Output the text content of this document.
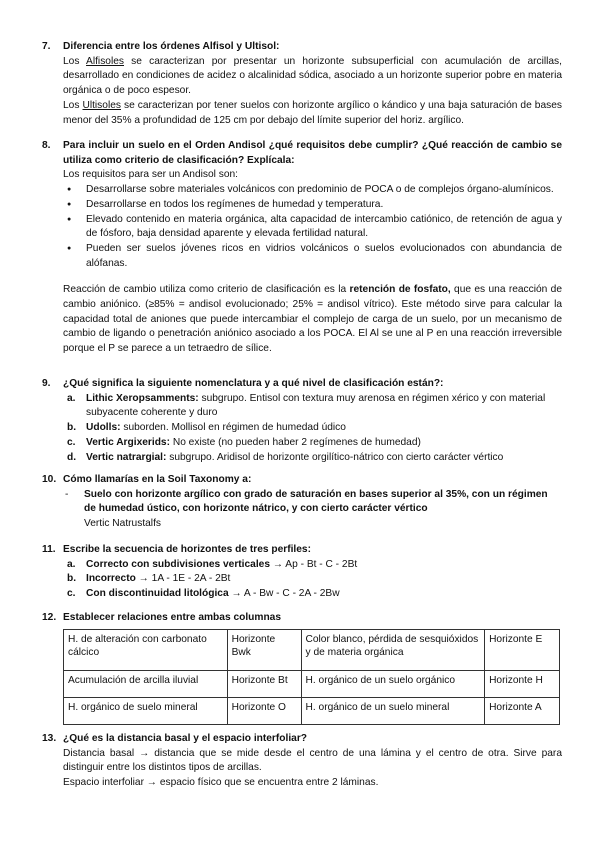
7.	Diferencia entre los órdenes Alfisol y Ultisol:
Los Alfisoles se caracterizan por presentar un horizonte subsuperficial con acumulación de arcillas, desarrollado en condiciones de acidez o alcalinidad sódica, asociado a un horizonte superior pobre en materia orgánica o de poco espesor.
Los Ultisoles se caracterizan por tener suelos con horizonte argílico o kándico y una baja saturación de bases menor del 35% a profundidad de 125 cm por debajo del límite superior del horiz. argílico.
8.	Para incluir un suelo en el Orden Andisol ¿qué requisitos debe cumplir? ¿Qué reacción de cambio se utiliza como criterio de clasificación? Explícala:
Los requisitos para ser un Andisol son:
● Desarrollarse sobre materiales volcánicos con predominio de POCA o de complejos órgano-alumínicos.
● Desarrollarse en todos los regímenes de humedad y temperatura.
● Elevado contenido en materia orgánica, alta capacidad de intercambio catiónico, de retención de agua y de fósforo, baja densidad aparente y elevada fertilidad natural.
● Pueden ser suelos jóvenes ricos en vidrios volcánicos o suelos evolucionados con abundancia de alófanas.
Reacción de cambio utiliza como criterio de clasificación es la retención de fosfato, que es una reacción de cambio aniónico. (≥85% = andisol evolucionado; 25% = andisol vítrico). Este método sirve para calcular la capacidad total de aniones que puede intercambiar el complejo de carga de un suelo, por un mecanismo de cambio de ligando o penetración aniónico asociado a los POCA. El Al se une al P en una reacción irreversible porque el P se parece a un tetraedro de sílice.
9.	¿Qué significa la siguiente nomenclatura y a qué nivel de clasificación están?:
a. Lithic Xeropsamments: subgrupo. Entisol con textura muy arenosa en régimen xérico y con material subyacente coherente y duro
b. Udolls: suborden. Mollisol en régimen de humedad údico
c. Vertic Argixerids: No existe (no pueden haber 2 regímenes de humedad)
d. Vertic natrargial: subgrupo. Aridisol de horizonte orgilítico-nátrico con cierto carácter vértico
10. Cómo llamarías en la Soil Taxonomy a:
- Suelo con horizonte argílico con grado de saturación en bases superior al 35%, con un régimen de humedad ústico, con horizonte nátrico, y con cierto carácter vértico
Vertic Natrustalfs
11. Escribe la secuencia de horizontes de tres perfiles:
a. Correcto con subdivisiones verticales → Ap - Bt - C - 2Bt
b. Incorrecto → 1A - 1E - 2A - 2Bt
c. Con discontinuidad litológica → A - Bw - C - 2A - 2Bw
12. Establecer relaciones entre ambas columnas
H. de alteración con carbonato cálcico	Horizonte Bwk	Color blanco, pérdida de sesquióxidos y de materia orgánica	Horizonte E
Acumulación de arcilla iluvial	Horizonte Bt	H. orgánico de un suelo orgánico	Horizonte H
H. orgánico de suelo mineral	Horizonte O	H. orgánico de un suelo mineral	Horizonte A
13. ¿Qué es la distancia basal y el espacio interfoliar?
Distancia basal → distancia que se mide desde el centro de una lámina y el centro de otra. Sirve para distinguir entre los distintos tipos de arcillas.
Espacio interfoliar → espacio físico que se encuentra entre 2 láminas.
